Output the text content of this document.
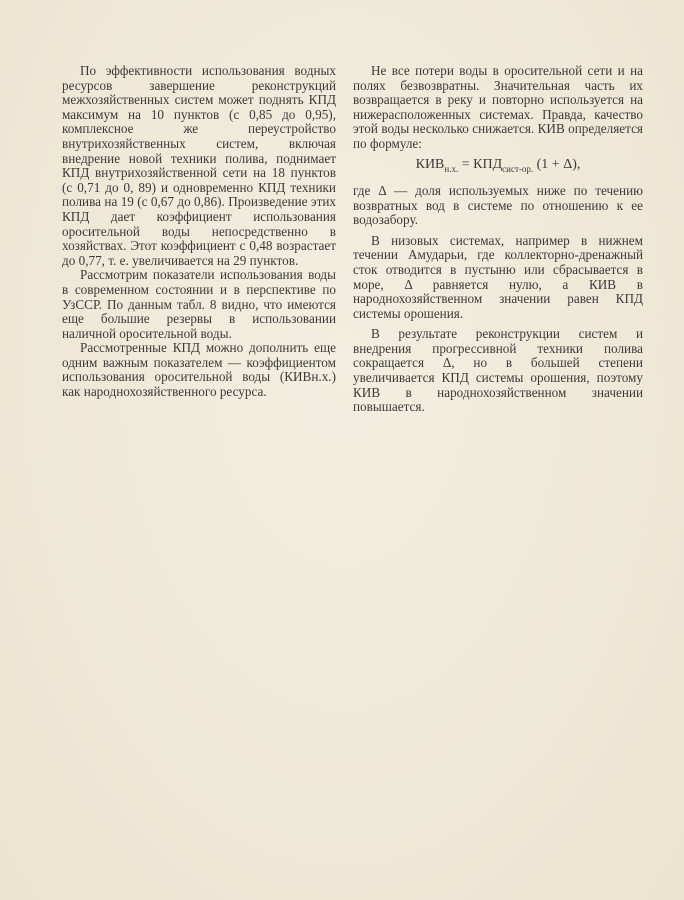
По эффективности использования водных ресурсов завершение реконструкций межхозяйственных систем может поднять КПД максимум на 10 пунктов (с 0,85 до 0,95), комплексное же переустройство внутрихозяйственных систем, включая внедрение новой техники полива, поднимает КПД внутрихозяйственной сети на 18 пунктов (с 0,71 до 0, 89) и одновременно КПД техники полива на 19 (с 0,67 до 0,86). Произведение этих КПД дает коэффициент использования оросительной воды непосредственно в хозяйствах. Этот коэффициент с 0,48 возрастает до 0,77, т. е. увеличивается на 29 пунктов.

Рассмотрим показатели использования воды в современном состоянии и в перспективе по УзССР. По данным табл. 8 видно, что имеются еще большие резервы в использовании наличной оросительной воды.

Рассмотренные КПД можно дополнить еще одним важным показателем — коэффициентом использования оросительной воды (КИВн.х.) как народнохозяйственного ресурса.

Не все потери воды в оросительной сети и на полях безвозвратны. Значительная часть их возвращается в реку и повторно используется на нижерасположенных системах. Правда, качество этой воды несколько снижается. КИВ определяется по формуле:

$КИВ_{н.х.} = КПД_{сист-ор.}$ (1 + Δ),

где Δ — доля используемых ниже по течению возвратных вод в системе по отношению к ее водозабору.

В низовых системах, например в нижнем течении Амударьи, где коллекторно-дренажный сток отводится в пустыню или сбрасывается в море, Δ равняется нулю, а КИВ в народнохозяйственном значении равен КПД системы орошения.

В результате реконструкции систем и внедрения прогрессивной техники полива сокращается Δ, но в большей степени увеличивается КПД системы орошения, поэтому КИВ в народнохозяйственном значении повышается.
